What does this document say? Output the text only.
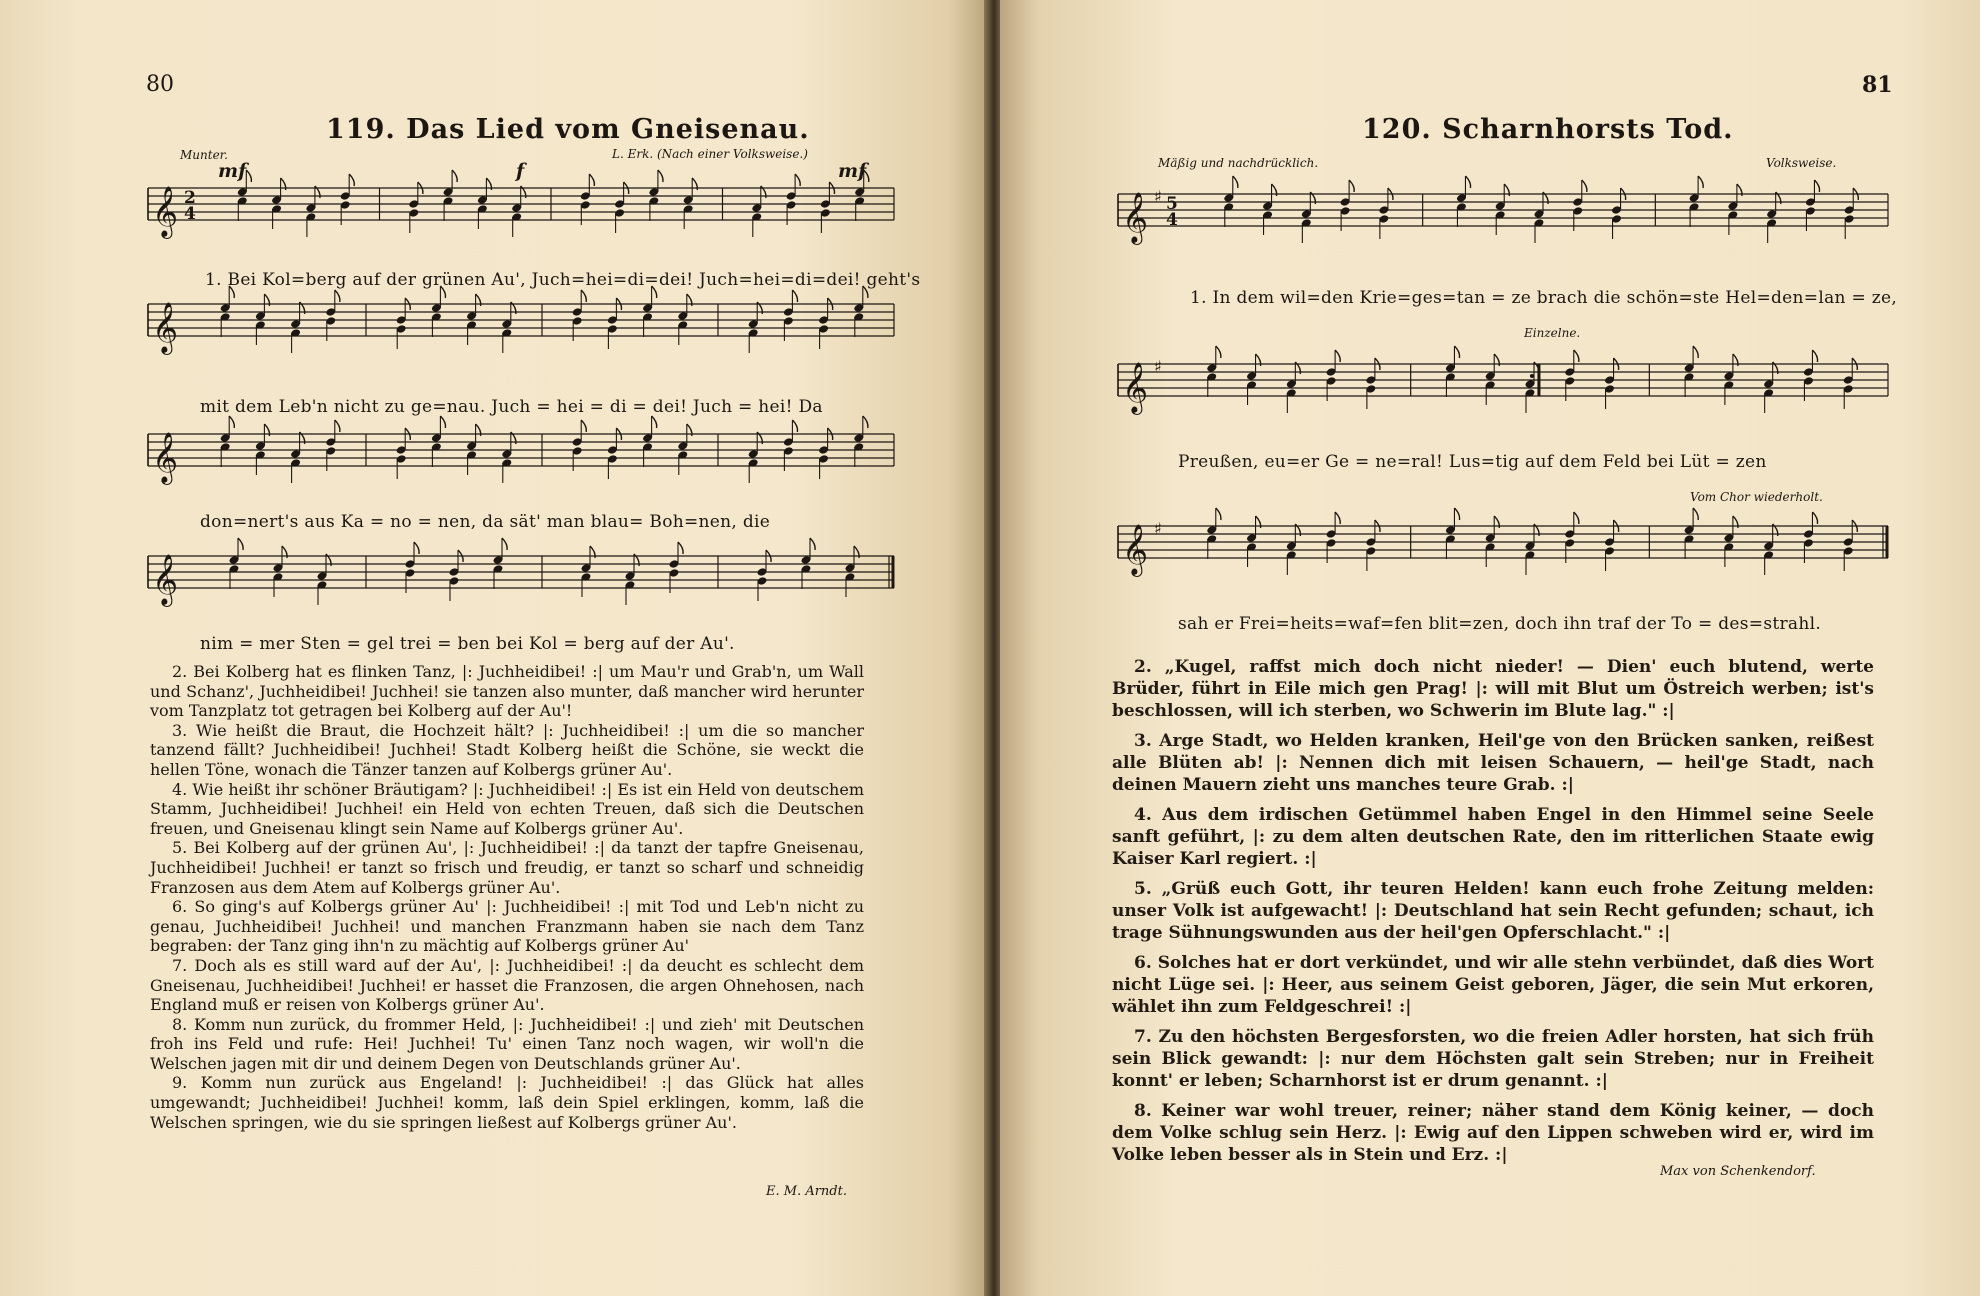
80
119. Das Lied vom Gneisenau.
Munter.	L. Erk. (Nach einer Volksweise.)
mf	f	mf
𝄞 2
4
1. Bei Kol=berg auf der grünen Au', Juch=hei=di=dei! Juch=hei=di=dei! geht's
𝄞
mit dem Leb'n nicht zu ge=nau. Juch = hei = di = dei! Juch = hei! Da
𝄞
don=nert's aus Ka = no = nen, da sät' man blau= Boh=nen, die
𝄞
nim = mer Sten = gel trei = ben bei Kol = berg auf der Au'.

2. Bei Kolberg hat es flinken Tanz, |: Juchheidibei! :| um Mau'r und Grab'n, um Wall und Schanz', Juchheidibei! Juchhei! sie tanzen also munter, daß mancher wird herunter vom Tanzplatz tot getragen bei Kolberg auf der Au'!

3. Wie heißt die Braut, die Hochzeit hält? |: Juchheidibei! :| um die so mancher tanzend fällt? Juchheidibei! Juchhei! Stadt Kolberg heißt die Schöne, sie weckt die hellen Töne, wonach die Tänzer tanzen auf Kolbergs grüner Au'.

4. Wie heißt ihr schöner Bräutigam? |: Juchheidibei! :| Es ist ein Held von deutschem Stamm, Juchheidibei! Juchhei! ein Held von echten Treuen, daß sich die Deutschen freuen, und Gneisenau klingt sein Name auf Kolbergs grüner Au'.

5. Bei Kolberg auf der grünen Au', |: Juchheidibei! :| da tanzt der tapfre Gneisenau, Juchheidibei! Juchhei! er tanzt so frisch und freudig, er tanzt so scharf und schneidig Franzosen aus dem Atem auf Kolbergs grüner Au'.

6. So ging's auf Kolbergs grüner Au' |: Juchheidibei! :| mit Tod und Leb'n nicht zu genau, Juchheidibei! Juchhei! und manchen Franzmann haben sie nach dem Tanz begraben: der Tanz ging ihn'n zu mächtig auf Kolbergs grüner Au'

7. Doch als es still ward auf der Au', |: Juchheidibei! :| da deucht es schlecht dem Gneisenau, Juchheidibei! Juchhei! er hasset die Franzosen, die argen Ohnehosen, nach England muß er reisen von Kolbergs grüner Au'.

8. Komm nun zurück, du frommer Held, |: Juchheidibei! :| und zieh' mit Deutschen froh ins Feld und rufe: Hei! Juchhei! Tu' einen Tanz noch wagen, wir woll'n die Welschen jagen mit dir und deinem Degen von Deutschlands grüner Au'.

9. Komm nun zurück aus Engeland! |: Juchheidibei! :| das Glück hat alles umgewandt; Juchheidibei! Juchhei! komm, laß dein Spiel erklingen, komm, laß die Welschen springen, wie du sie springen ließest auf Kolbergs grüner Au'.

E. M. Arndt.
81
120. Scharnhorsts Tod.
Mäßig und nachdrücklich.	Volksweise.
𝄞 ♯ 5
4
1. In dem wil=den Krie=ges=tan = ze brach die schön=ste Hel=den=lan = ze,
Einzelne.
𝄞 ♯
Preußen, eu=er Ge = ne=ral! Lus=tig auf dem Feld bei Lüt = zen
Vom Chor wiederholt.
𝄞 ♯
sah er Frei=heits=waf=fen blit=zen, doch ihn traf der To = des=strahl.

2. „Kugel, raffst mich doch nicht nieder! — Dien' euch blutend, werte Brüder, führt in Eile mich gen Prag! |: will mit Blut um Östreich werben; ist's beschlossen, will ich sterben, wo Schwerin im Blute lag." :|

3. Arge Stadt, wo Helden kranken, Heil'ge von den Brücken sanken, reißest alle Blüten ab! |: Nennen dich mit leisen Schauern, — heil'ge Stadt, nach deinen Mauern zieht uns manches teure Grab. :|

4. Aus dem irdischen Getümmel haben Engel in den Himmel seine Seele sanft geführt, |: zu dem alten deutschen Rate, den im ritterlichen Staate ewig Kaiser Karl regiert. :|

5. „Grüß euch Gott, ihr teuren Helden! kann euch frohe Zeitung melden: unser Volk ist aufgewacht! |: Deutschland hat sein Recht gefunden; schaut, ich trage Sühnungswunden aus der heil'gen Opferschlacht." :|

6. Solches hat er dort verkündet, und wir alle stehn verbündet, daß dies Wort nicht Lüge sei. |: Heer, aus seinem Geist geboren, Jäger, die sein Mut erkoren, wählet ihn zum Feldgeschrei! :|

7. Zu den höchsten Bergesforsten, wo die freien Adler horsten, hat sich früh sein Blick gewandt: |: nur dem Höchsten galt sein Streben; nur in Freiheit konnt' er leben; Scharnhorst ist er drum genannt. :|

8. Keiner war wohl treuer, reiner; näher stand dem König keiner, — doch dem Volke schlug sein Herz. |: Ewig auf den Lippen schweben wird er, wird im Volke leben besser als in Stein und Erz. :|

Max von Schenkendorf.
